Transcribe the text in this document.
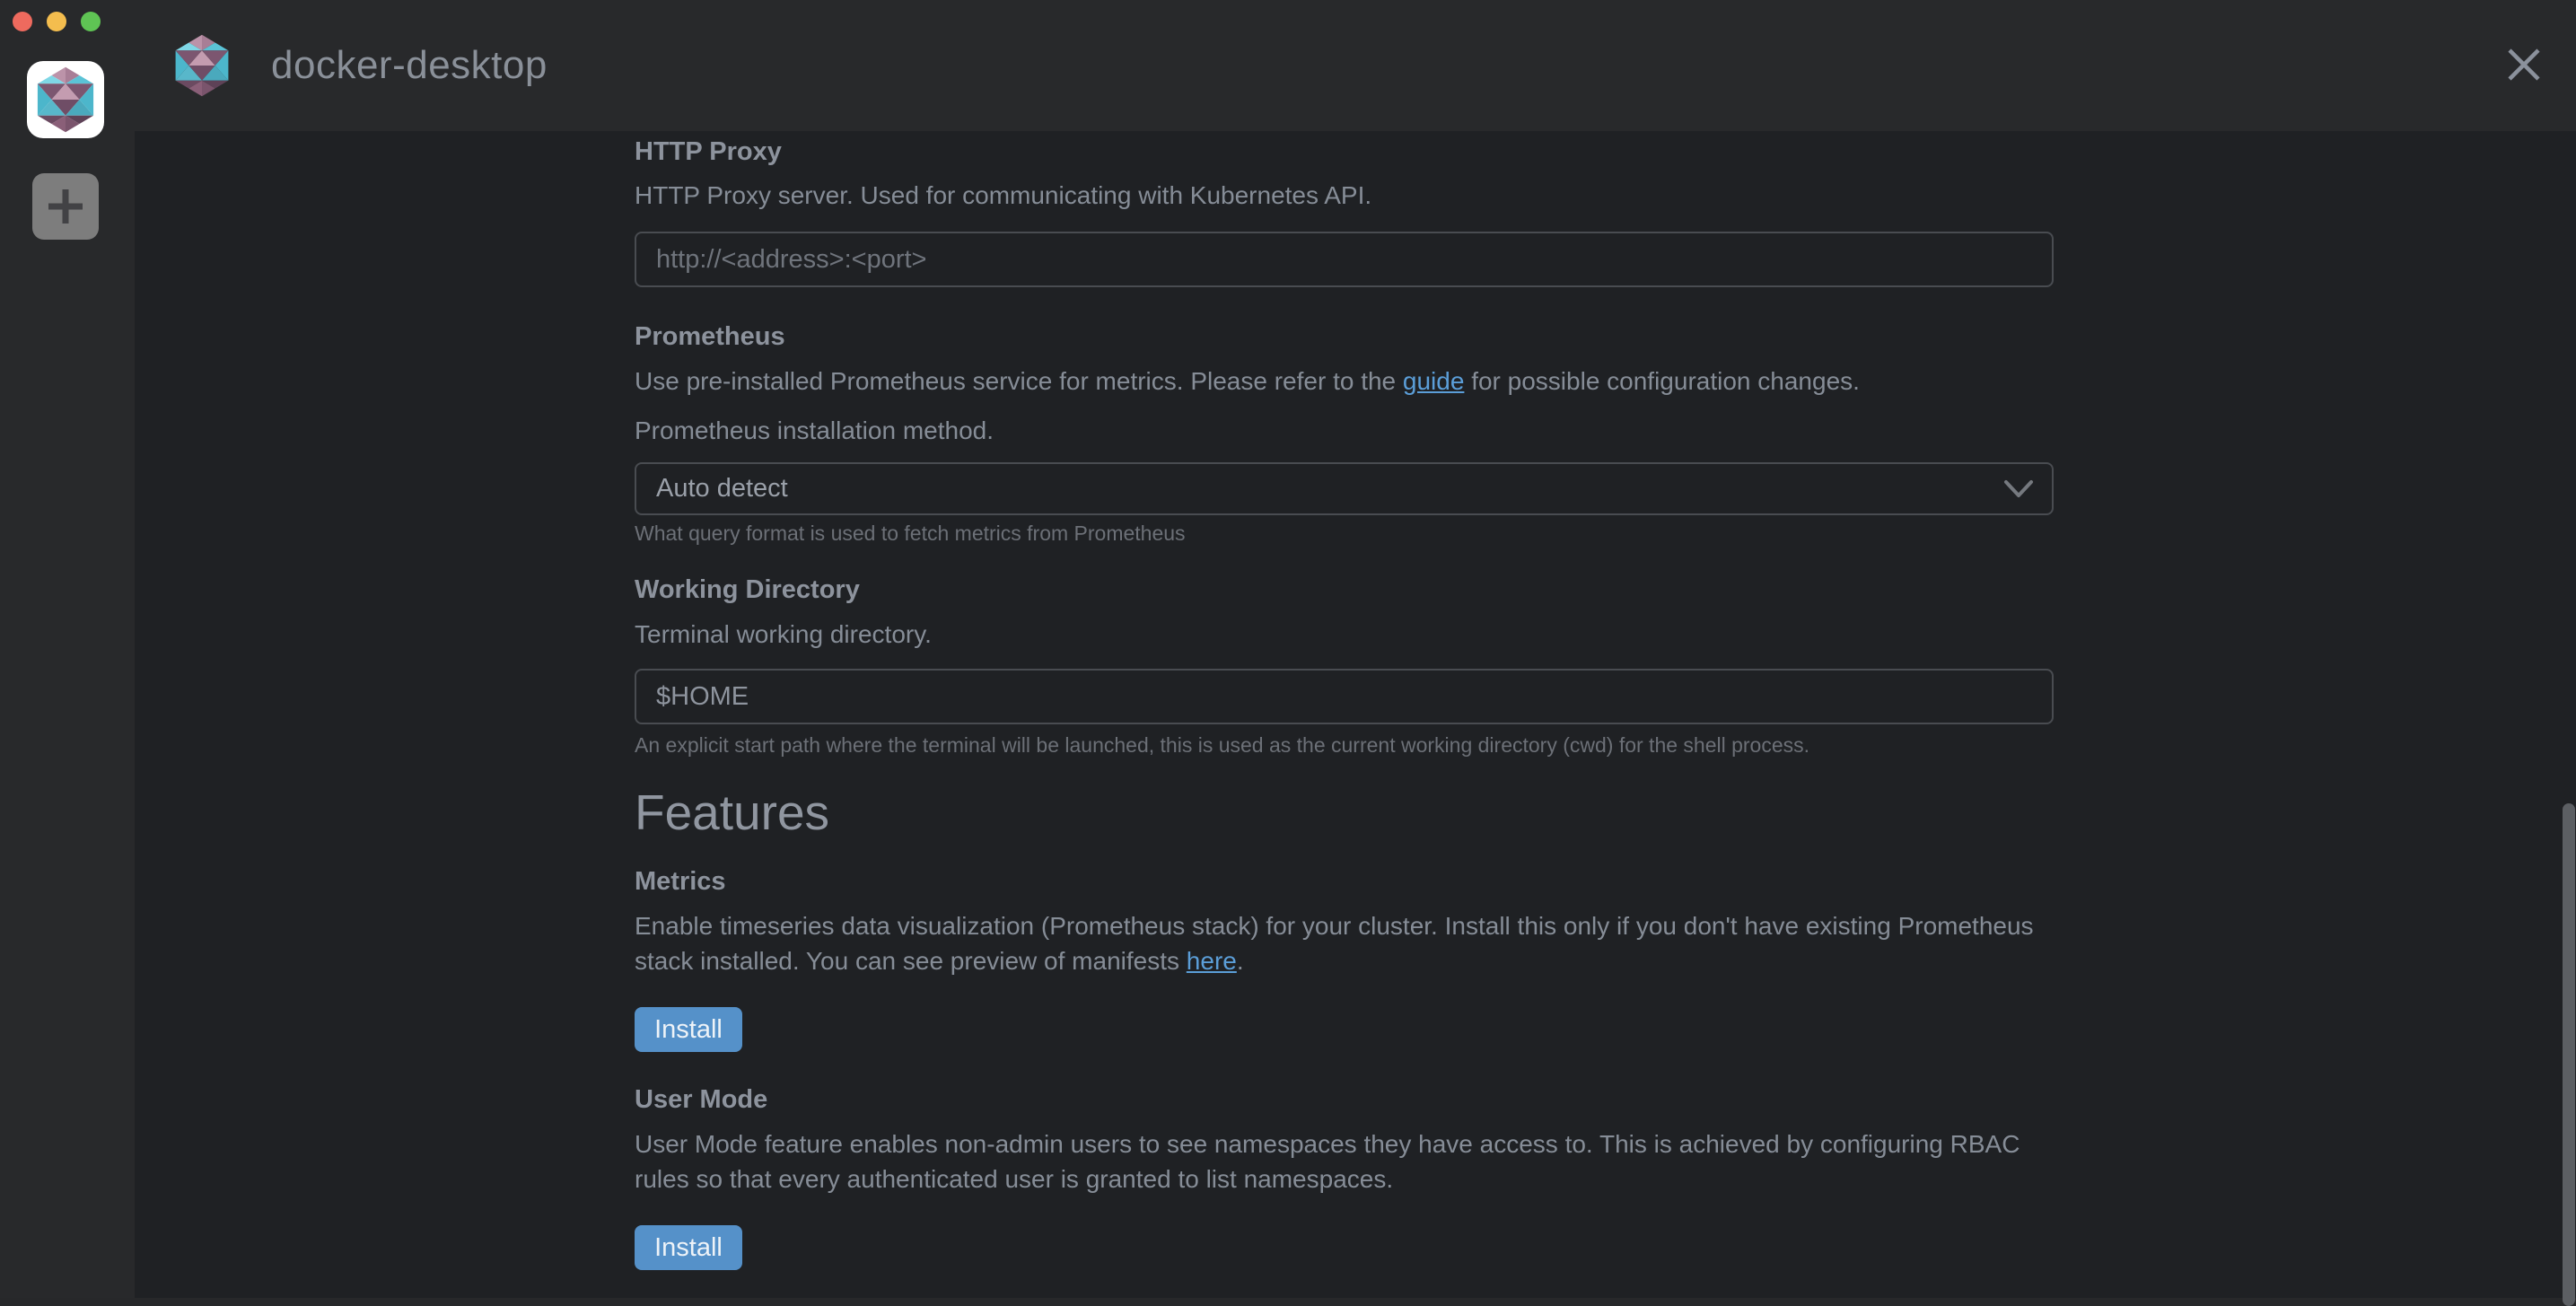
docker-desktop
HTTP Proxy
HTTP Proxy server. Used for communicating with Kubernetes API.
http://<address>:<port>
Prometheus
Use pre-installed Prometheus service for metrics. Please refer to the guide for possible configuration changes.
Prometheus installation method.
Auto detect
What query format is used to fetch metrics from Prometheus
Working Directory
Terminal working directory.
$HOME
An explicit start path where the terminal will be launched, this is used as the current working directory (cwd) for the shell process.
Features
Metrics
Enable timeseries data visualization (Prometheus stack) for your cluster. Install this only if you don't have existing Prometheus stack installed. You can see preview of manifests here.
Install
User Mode
User Mode feature enables non-admin users to see namespaces they have access to. This is achieved by configuring RBAC rules so that every authenticated user is granted to list namespaces.
Install
